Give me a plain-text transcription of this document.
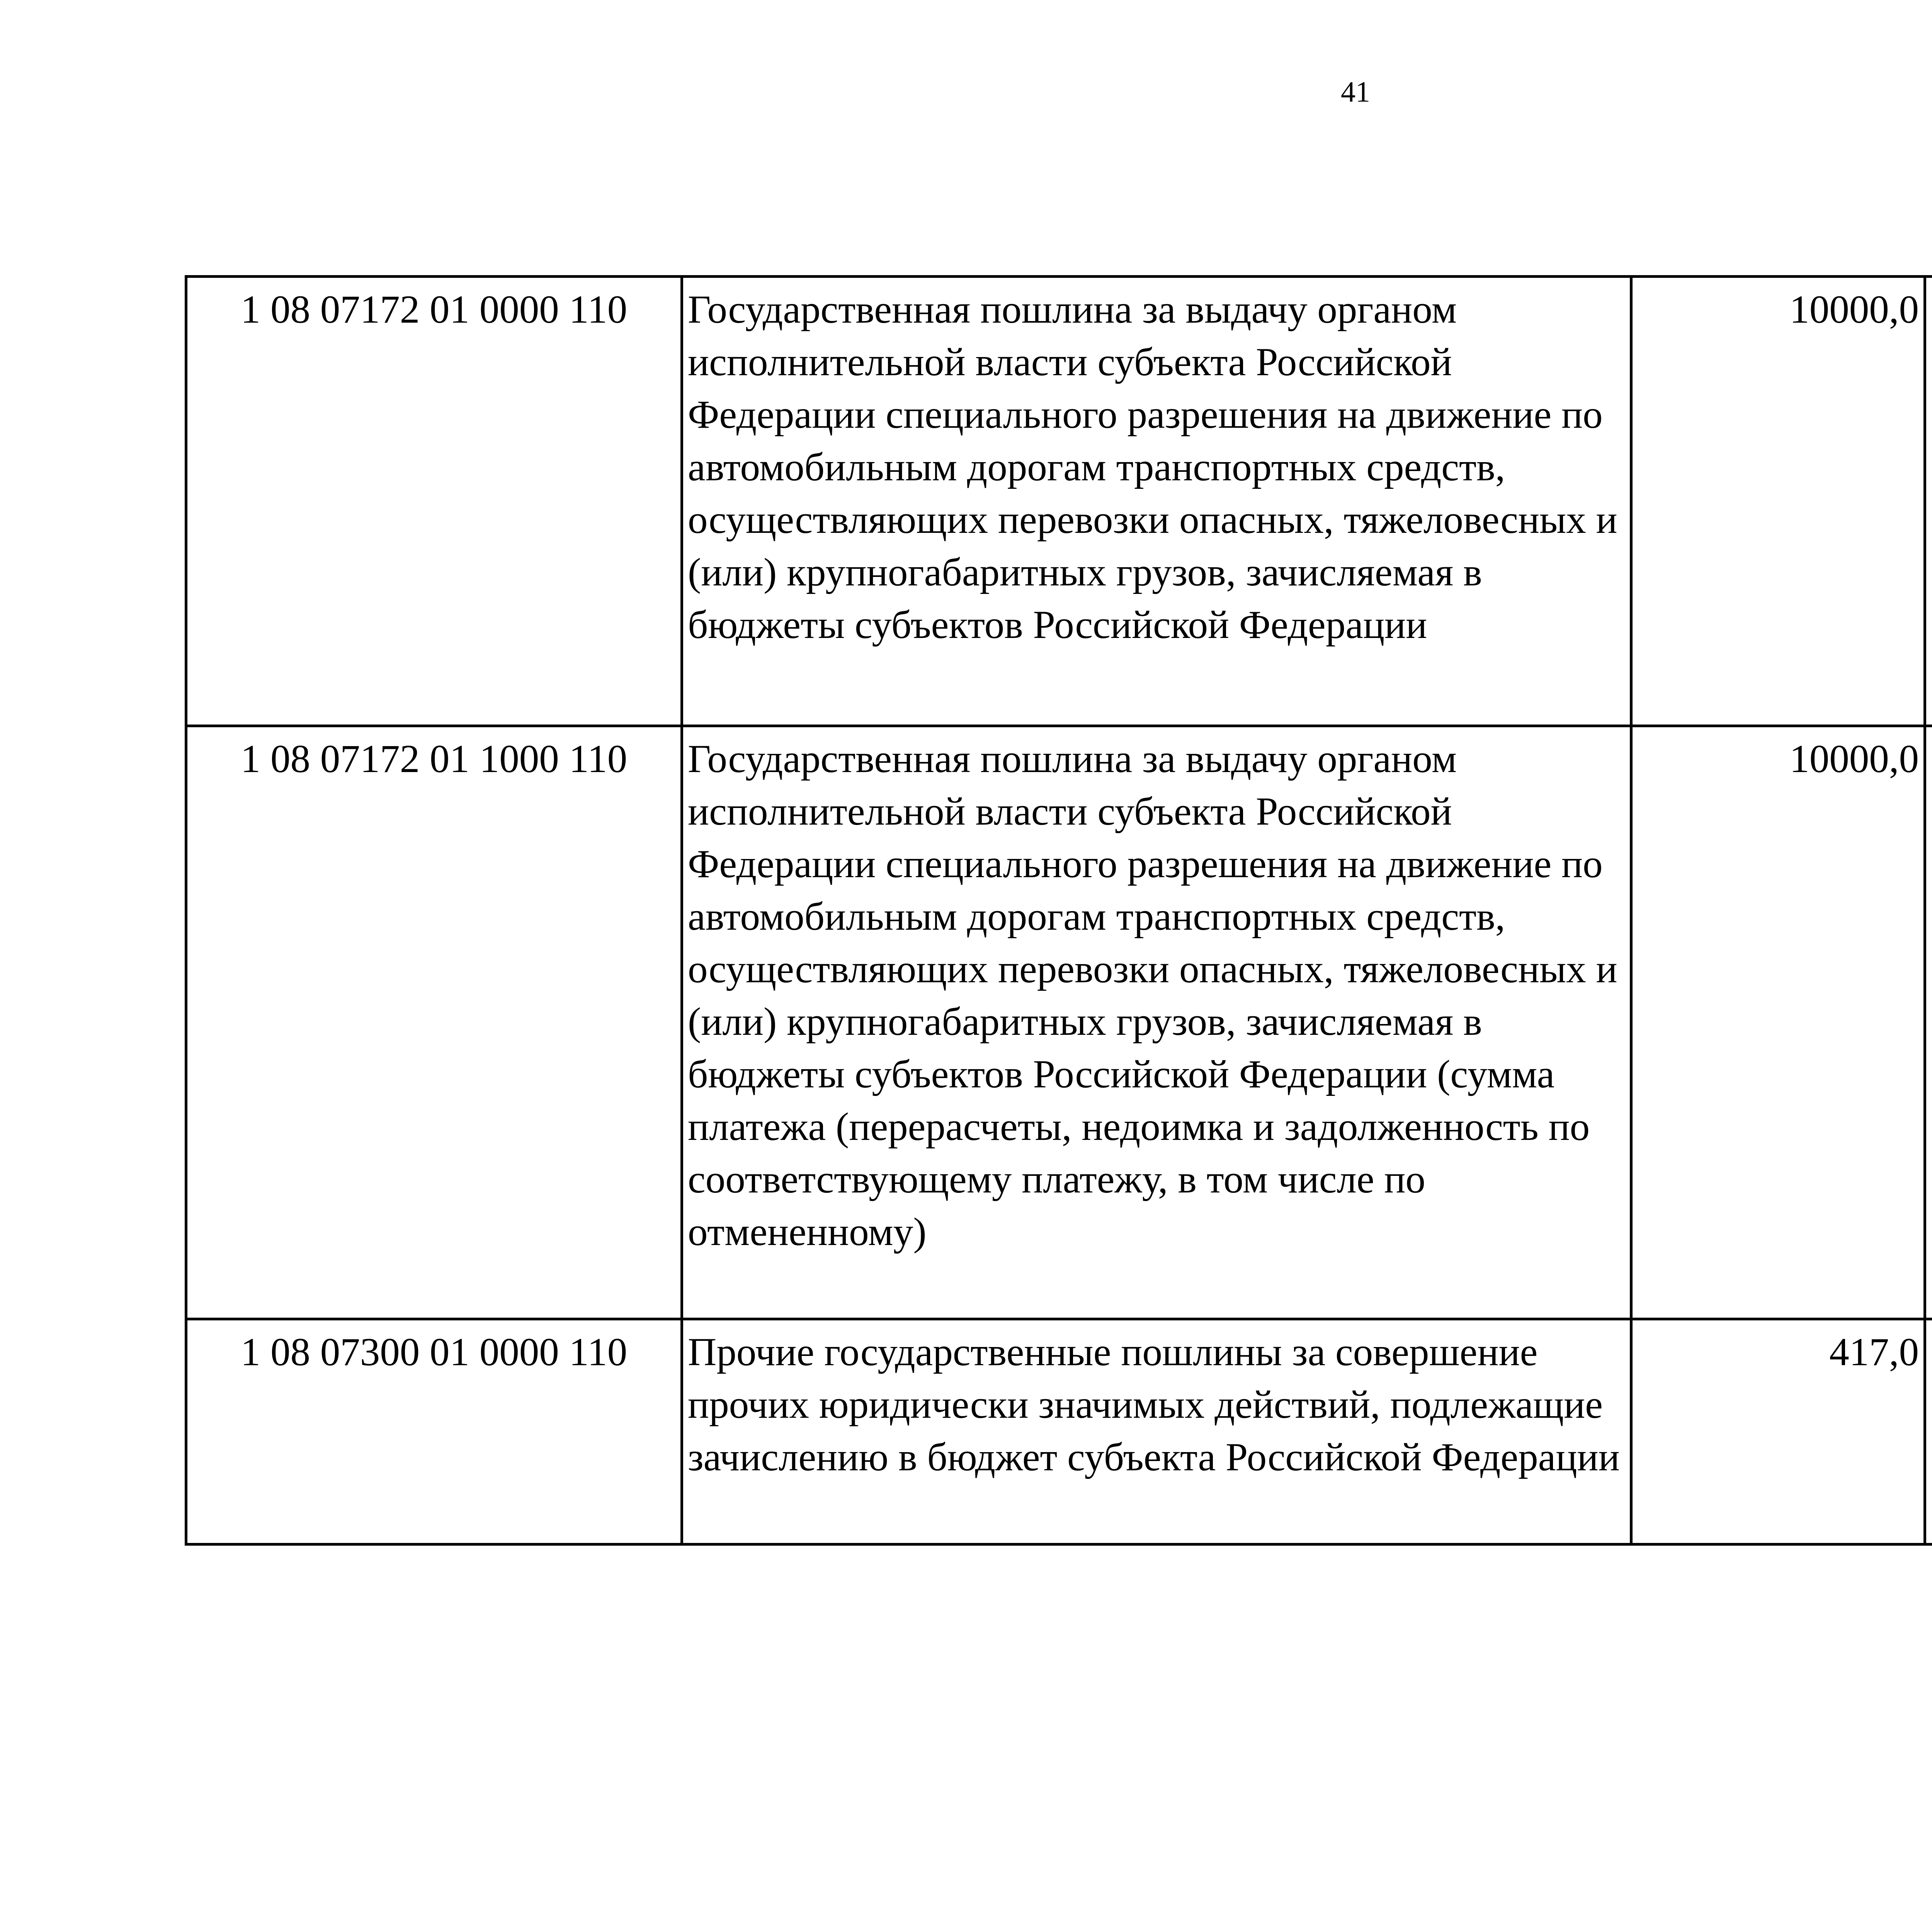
41
1 08 07172 01 0000 110	Государственная пошлина за выдачу органом исполнительной власти субъекта Российской Федерации специального разрешения на движение по автомобильным дорогам транспортных средств, осуществляющих перевозки опасных, тяжеловесных и (или) крупногабаритных грузов, зачисляемая в бюджеты субъектов Российской Федерации	10000,0		
1 08 07172 01 1000 110	Государственная пошлина за выдачу органом исполнительной власти субъекта Российской Федерации специального разрешения на движение по автомобильным дорогам транспортных средств, осуществляющих перевозки опасных, тяжеловесных и (или) крупногабаритных грузов, зачисляемая в бюджеты субъектов Российской Федерации (сумма платежа (перерасчеты, недоимка и задолженность по соответствующему платежу, в том числе по отмененному)	10000,0		
1 08 07300 01 0000 110	Прочие государственные пошлины за совершение прочих юридически значимых действий, подлежащие зачислению в бюджет субъекта Российской Федерации	417,0		
